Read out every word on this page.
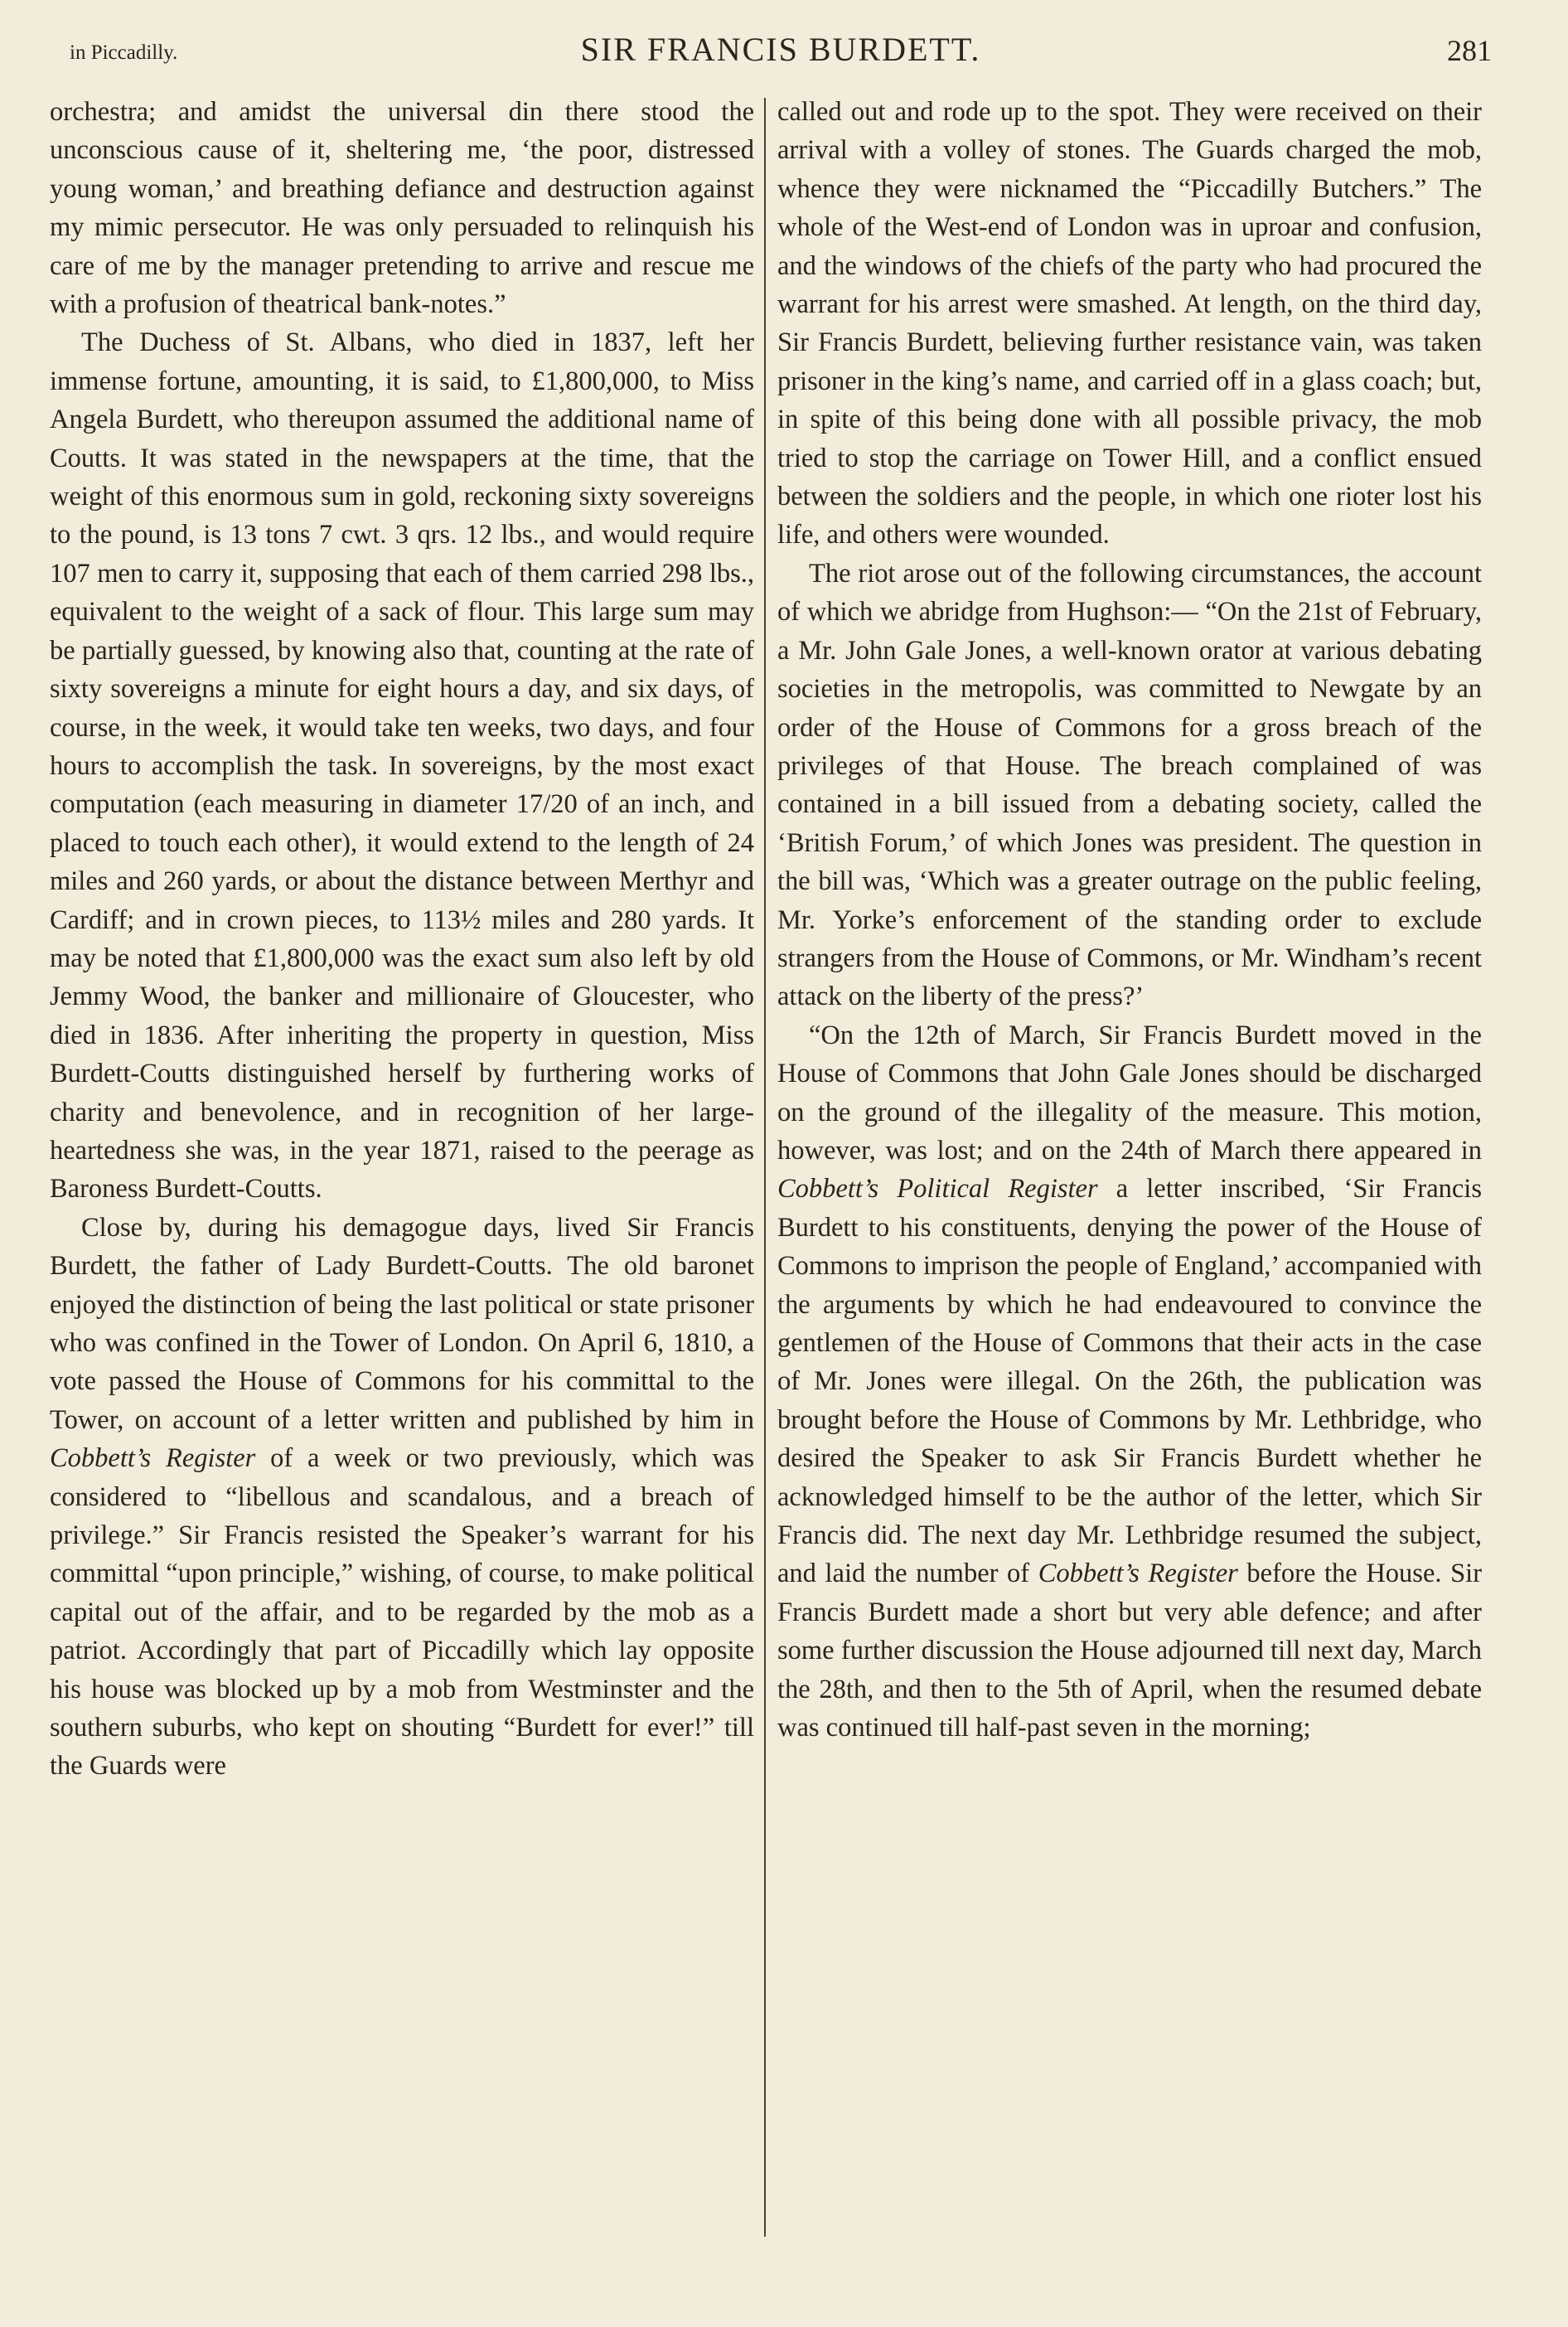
in Piccadilly.	SIR FRANCIS BURDETT.	281

orchestra; and amidst the universal din there stood the unconscious cause of it, sheltering me, ‘the poor, distressed young woman,’ and breathing defiance and destruction against my mimic persecutor. He was only persuaded to relinquish his care of me by the manager pretending to arrive and rescue me with a profusion of theatrical bank-notes.”

The Duchess of St. Albans, who died in 1837, left her immense fortune, amounting, it is said, to £1,800,000, to Miss Angela Burdett, who thereupon assumed the additional name of Coutts. It was stated in the newspapers at the time, that the weight of this enormous sum in gold, reckoning sixty sovereigns to the pound, is 13 tons 7 cwt. 3 qrs. 12 lbs., and would require 107 men to carry it, supposing that each of them carried 298 lbs., equivalent to the weight of a sack of flour. This large sum may be partially guessed, by knowing also that, counting at the rate of sixty sovereigns a minute for eight hours a day, and six days, of course, in the week, it would take ten weeks, two days, and four hours to accomplish the task. In sovereigns, by the most exact computation (each measuring in diameter 17/20 of an inch, and placed to touch each other), it would extend to the length of 24 miles and 260 yards, or about the distance between Merthyr and Cardiff; and in crown pieces, to 113½ miles and 280 yards. It may be noted that £1,800,000 was the exact sum also left by old Jemmy Wood, the banker and millionaire of Gloucester, who died in 1836. After inheriting the property in question, Miss Burdett-Coutts distinguished herself by furthering works of charity and benevolence, and in recognition of her large-heartedness she was, in the year 1871, raised to the peerage as Baroness Burdett-Coutts.

Close by, during his demagogue days, lived Sir Francis Burdett, the father of Lady Burdett-Coutts. The old baronet enjoyed the distinction of being the last political or state prisoner who was confined in the Tower of London. On April 6, 1810, a vote passed the House of Commons for his committal to the Tower, on account of a letter written and published by him in Cobbett’s Register of a week or two previously, which was considered to “libellous and scandalous, and a breach of privilege.” Sir Francis resisted the Speaker’s warrant for his committal “upon principle,” wishing, of course, to make political capital out of the affair, and to be regarded by the mob as a patriot. Accordingly that part of Piccadilly which lay opposite his house was blocked up by a mob from Westminster and the southern suburbs, who kept on shouting “Burdett for ever!” till the Guards were

called out and rode up to the spot. They were received on their arrival with a volley of stones. The Guards charged the mob, whence they were nicknamed the “Piccadilly Butchers.” The whole of the West-end of London was in uproar and confusion, and the windows of the chiefs of the party who had procured the warrant for his arrest were smashed. At length, on the third day, Sir Francis Burdett, believing further resistance vain, was taken prisoner in the king’s name, and carried off in a glass coach; but, in spite of this being done with all possible privacy, the mob tried to stop the carriage on Tower Hill, and a conflict ensued between the soldiers and the people, in which one rioter lost his life, and others were wounded.

The riot arose out of the following circumstances, the account of which we abridge from Hughson:— “On the 21st of February, a Mr. John Gale Jones, a well-known orator at various debating societies in the metropolis, was committed to Newgate by an order of the House of Commons for a gross breach of the privileges of that House. The breach complained of was contained in a bill issued from a debating society, called the ‘British Forum,’ of which Jones was president. The question in the bill was, ‘Which was a greater outrage on the public feeling, Mr. Yorke’s enforcement of the standing order to exclude strangers from the House of Commons, or Mr. Windham’s recent attack on the liberty of the press?’

“On the 12th of March, Sir Francis Burdett moved in the House of Commons that John Gale Jones should be discharged on the ground of the illegality of the measure. This motion, however, was lost; and on the 24th of March there appeared in Cobbett’s Political Register a letter inscribed, ‘Sir Francis Burdett to his constituents, denying the power of the House of Commons to imprison the people of England,’ accompanied with the arguments by which he had endeavoured to convince the gentlemen of the House of Commons that their acts in the case of Mr. Jones were illegal. On the 26th, the publication was brought before the House of Commons by Mr. Lethbridge, who desired the Speaker to ask Sir Francis Burdett whether he acknowledged himself to be the author of the letter, which Sir Francis did. The next day Mr. Lethbridge resumed the subject, and laid the number of Cobbett’s Register before the House. Sir Francis Burdett made a short but very able defence; and after some further discussion the House adjourned till next day, March the 28th, and then to the 5th of April, when the resumed debate was continued till half-past seven in the morning;
